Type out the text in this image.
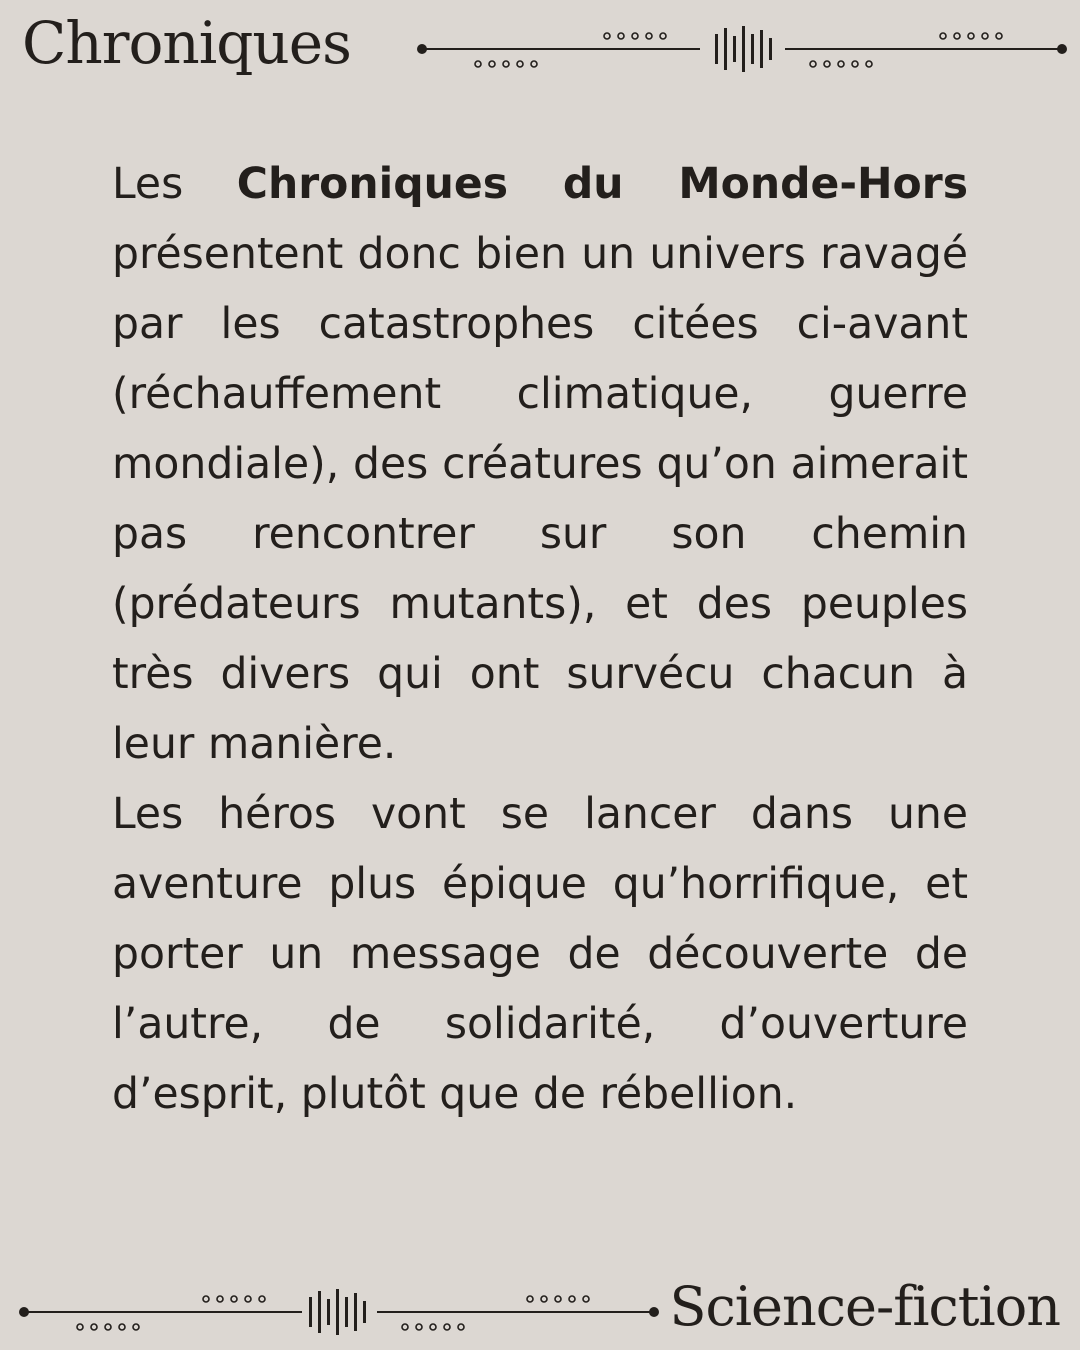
Chroniques

Les Chroniques du Monde-Hors présentent donc bien un univers ravagé par les catastrophes citées ci-avant (réchauffement climatique, guerre mondiale), des créatures qu’on aimerait pas rencontrer sur son chemin (prédateurs mutants), et des peuples très divers qui ont survécu chacun à leur manière.

Les héros vont se lancer dans une aventure plus épique qu’horrifique, et porter un message de découverte de l’autre, de solidarité, d’ouverture d’esprit, plutôt que de rébellion.

Science-fiction
